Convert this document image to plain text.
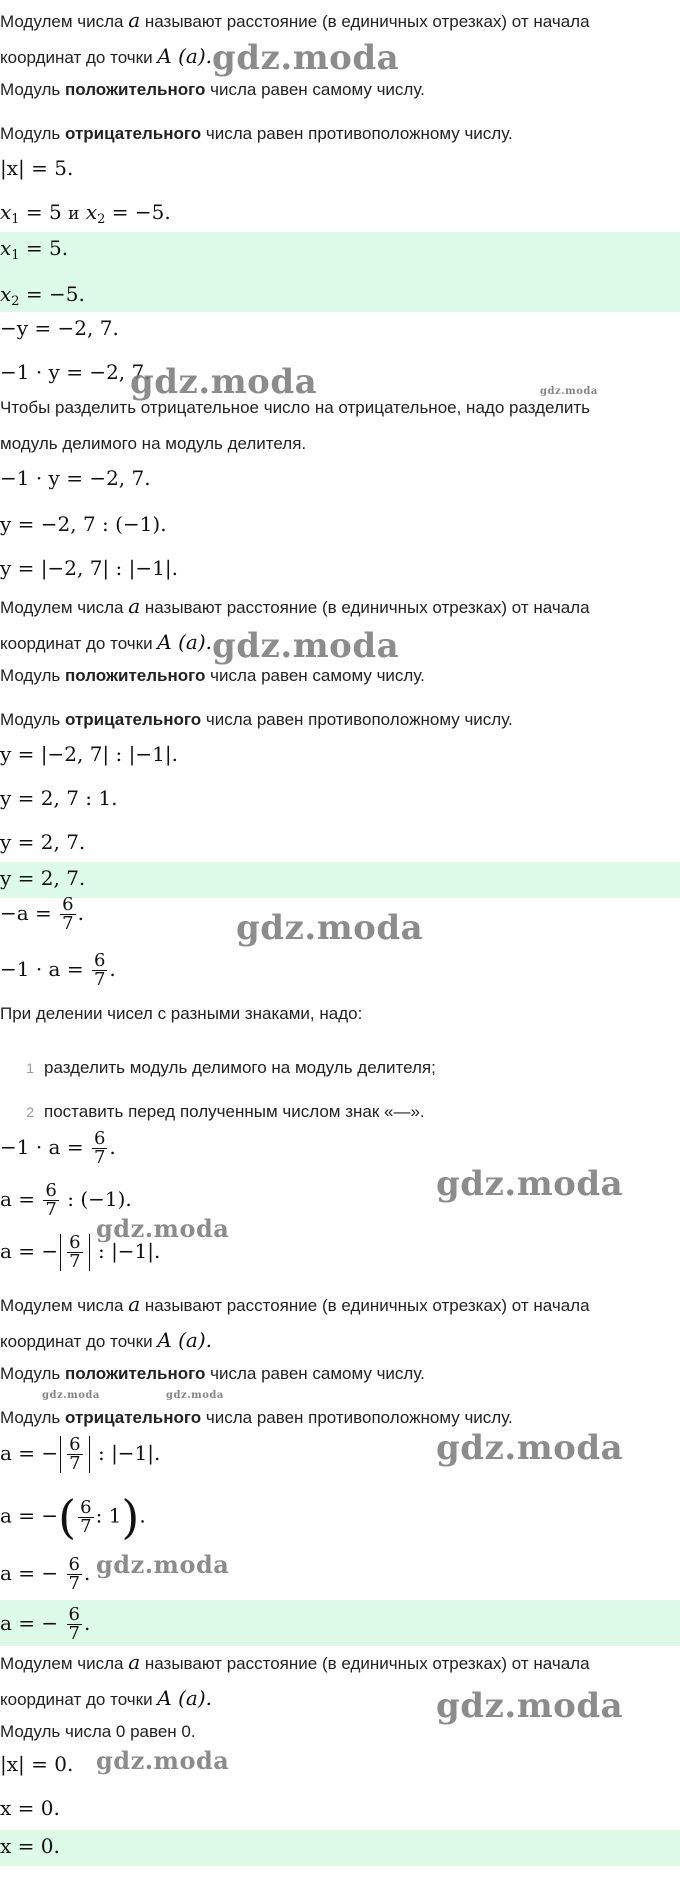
Модулем числа a называют расстояние (в единичных отрезках) от начала
координат до точки A (a).
Модуль положительного числа равен самому числу.
Модуль отрицательного числа равен противоположному числу.
|x| = 5.
$x_1 = 5$ и $x_2 = -5$.
$x_1 = 5$.
$x_2 = -5$.
−y = −2, 7.
−1 · y = −2, 7.
Чтобы разделить отрицательное число на отрицательное, надо разделить
модуль делимого на модуль делителя.
−1 · y = −2, 7.
y = −2, 7 : (−1).
y = |−2, 7| : |−1|.
Модулем числа a называют расстояние (в единичных отрезках) от начала
координат до точки A (a).
Модуль положительного числа равен самому числу.
Модуль отрицательного числа равен противоположному числу.
y = |−2, 7| : |−1|.
y = 2, 7 : 1.
y = 2, 7.
y = 2, 7.
$-a = \frac{6}{7}$ .
$-1 \cdot a = \frac{6}{7}$ .
При делении чисел с разными знаками, надо:
1 разделить модуль делимого на модуль делителя;
2 поставить перед полученным числом знак «—».
$-1 \cdot a = \frac{6}{7}$ .
$a = \frac{6}{7}$ : (−1).
a = − $\frac{6}{7}$ : |−1|.
Модулем числа a называют расстояние (в единичных отрезках) от начала
координат до точки A (a).
Модуль положительного числа равен самому числу.
Модуль отрицательного числа равен противоположному числу.
a = − $\frac{6}{7}$ : |−1|.
a = −( $\frac{6}{7}$ : 1).
a = − $\frac{6}{7}$ .
a = − $\frac{6}{7}$ .
Модулем числа a называют расстояние (в единичных отрезках) от начала
координат до точки A (a).
Модуль числа 0 равен 0.
|x| = 0.
x = 0.
x = 0.
gdz.moda
gdz.moda	gdz.moda
gdz.moda
gdz.moda
gdz.moda
gdz.moda
gdz.moda	gdz.moda
gdz.moda
gdz.moda
gdz.moda
gdz.moda
